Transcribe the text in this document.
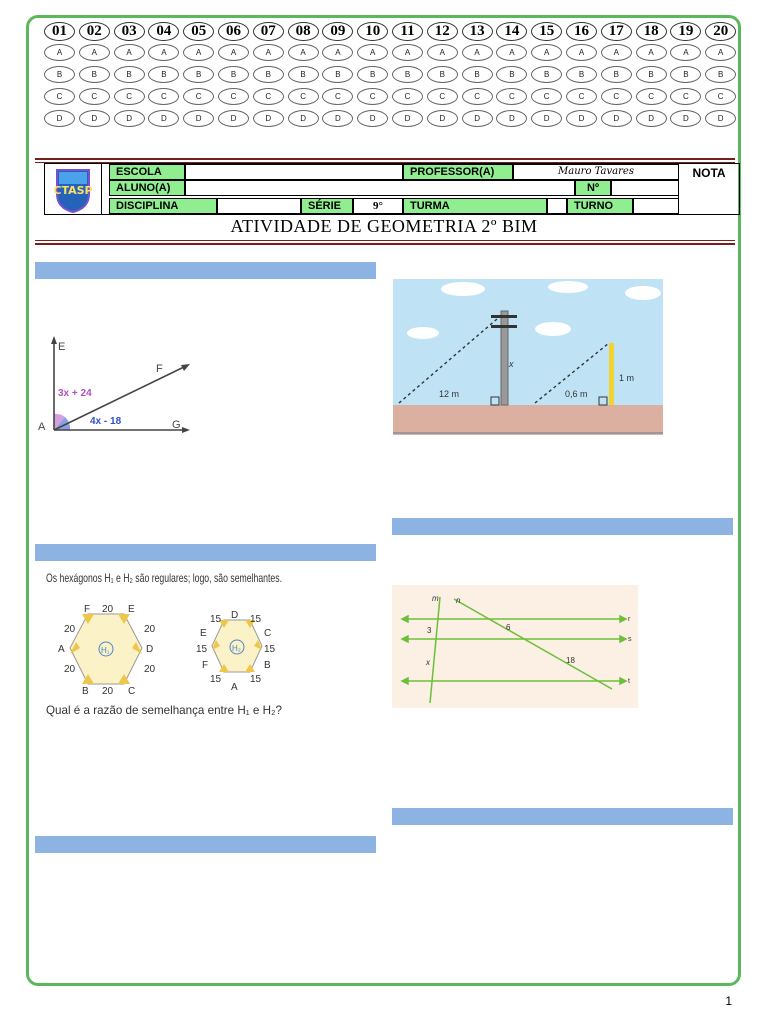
01	02	03	04	05	06	07	08	09	10	11	12	13	14	15	16	17	18	19	20
A	A	A	A	A	A	A	A	A	A	A	A	A	A	A	A	A	A	A	A
B	B	B	B	B	B	B	B	B	B	B	B	B	B	B	B	B	B	B	B
C	C	C	C	C	C	C	C	C	C	C	C	C	C	C	C	C	C	C	C
D	D	D	D	D	D	D	D	D	D	D	D	D	D	D	D	D	D	D	D
CTASP
ESCOLA	PROFESSOR(A)	Mauro Tavares
ALUNO(A)	Nº
DISCIPLINA	SÉRIE	9°	TURMA	TURNO
NOTA
ATIVIDADE DE GEOMETRIA 2º BIM
E
F
A	G
3x + 24
4x - 18
x
12 m
1 m
0,6 m
Os hexágonos H₁ e H₂ são regulares; logo, são semelhantes.
H₁
F 20 E
20
D
20
C
20
B
20
A
20
H₂
D
15	15
E	C
15	15
F	B
15	15
A
Qual é a razão de semelhança entre H₁ e H₂?
m n
r
s
t
3	6
x	18
1
